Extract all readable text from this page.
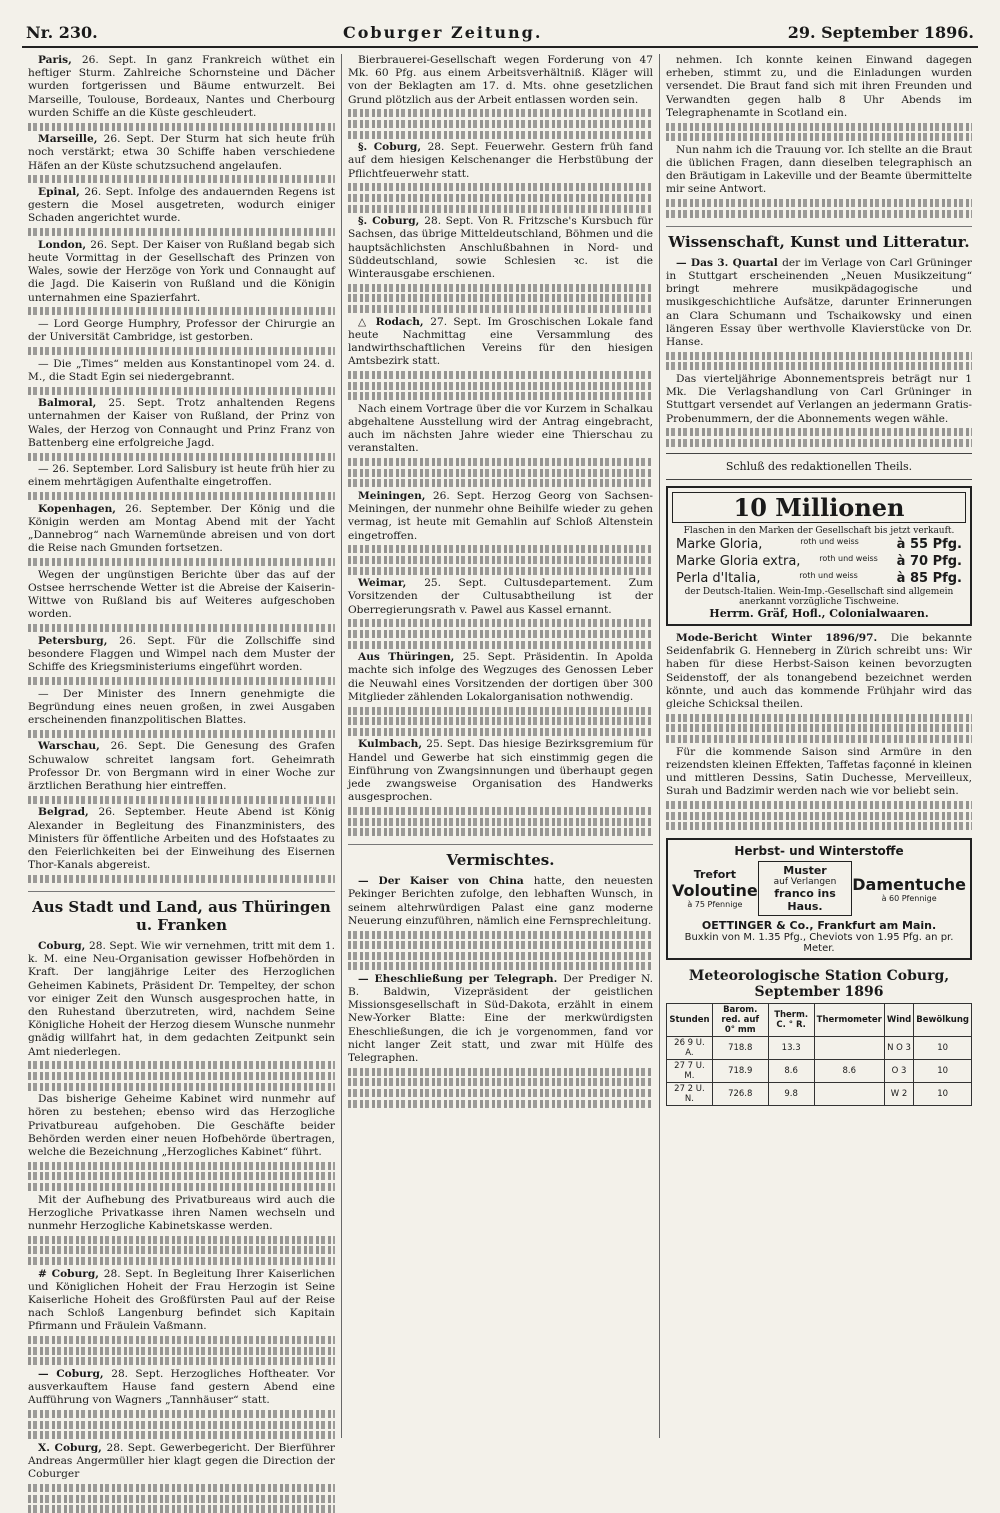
Nr. 230.	Coburger Zeitung.	29. September 1896.
Paris, 26. Sept. In ganz Frankreich wüthet ein heftiger Sturm. Zahlreiche Schornsteine und Dächer wurden fortgerissen und Bäume entwurzelt. Bei Marseille, Toulouse, Bordeaux, Nantes und Cherbourg wurden Schiffe an die Küste geschleudert.
Marseille, 26. Sept. Der Sturm hat sich heute früh noch verstärkt; etwa 30 Schiffe haben verschiedene Häfen an der Küste schutzsuchend angelaufen.
Epinal, 26. Sept. Infolge des andauernden Regens ist gestern die Mosel ausgetreten, wodurch einiger Schaden angerichtet wurde.
London, 26. Sept. Der Kaiser von Rußland begab sich heute Vormittag in der Gesellschaft des Prinzen von Wales, sowie der Herzöge von York und Connaught auf die Jagd. Die Kaiserin von Rußland und die Königin unternahmen eine Spazierfahrt.
— Lord George Humphry, Professor der Chirurgie an der Universität Cambridge, ist gestorben.
— Die „Times“ melden aus Konstantinopel vom 24. d. M., die Stadt Egin sei niedergebrannt.
Balmoral, 25. Sept. Trotz anhaltenden Regens unternahmen der Kaiser von Rußland, der Prinz von Wales, der Herzog von Connaught und Prinz Franz von Battenberg eine erfolgreiche Jagd.
— 26. September. Lord Salisbury ist heute früh hier zu einem mehrtägigen Aufenthalte eingetroffen.
Kopenhagen, 26. September. Der König und die Königin werden am Montag Abend mit der Yacht „Dannebrog“ nach Warnemünde abreisen und von dort die Reise nach Gmunden fortsetzen.
Wegen der ungünstigen Berichte über das auf der Ostsee herrschende Wetter ist die Abreise der Kaiserin-Wittwe von Rußland bis auf Weiteres aufgeschoben worden.
Petersburg, 26. Sept. Für die Zollschiffe sind besondere Flaggen und Wimpel nach dem Muster der Schiffe des Kriegsministeriums eingeführt worden.
— Der Minister des Innern genehmigte die Begründung eines neuen großen, in zwei Ausgaben erscheinenden finanzpolitischen Blattes.
Warschau, 26. Sept. Die Genesung des Grafen Schuwalow schreitet langsam fort. Geheimrath Professor Dr. von Bergmann wird in einer Woche zur ärztlichen Berathung hier eintreffen.
Belgrad, 26. September. Heute Abend ist König Alexander in Begleitung des Finanzministers, des Ministers für öffentliche Arbeiten und des Hofstaates zu den Feierlichkeiten bei der Einweihung des Eisernen Thor-Kanals abgereist.
Aus Stadt und Land, aus Thüringen u. Franken
Coburg, 28. Sept. Wie wir vernehmen, tritt mit dem 1. k. M. eine Neu-Organisation gewisser Hofbehörden in Kraft. Der langjährige Leiter des Herzoglichen Geheimen Kabinets, Präsident Dr. Tempeltey, der schon vor einiger Zeit den Wunsch ausgesprochen hatte, in den Ruhestand überzutreten, wird, nachdem Seine Königliche Hoheit der Herzog diesem Wunsche nunmehr gnädig willfahrt hat, in dem gedachten Zeitpunkt sein Amt niederlegen.
Das bisherige Geheime Kabinet wird nunmehr auf hören zu bestehen; ebenso wird das Herzogliche Privatbureau aufgehoben. Die Geschäfte beider Behörden werden einer neuen Hofbehörde übertragen, welche die Bezeichnung „Herzogliches Kabinet“ führt.
Mit der Aufhebung des Privatbureaus wird auch die Herzogliche Privatkasse ihren Namen wechseln und nunmehr Herzogliche Kabinetskasse werden.
# Coburg, 28. Sept. In Begleitung Ihrer Kaiserlichen und Königlichen Hoheit der Frau Herzogin ist Seine Kaiserliche Hoheit des Großfürsten Paul auf der Reise nach Schloß Langenburg befindet sich Kapitain Pfirmann und Fräulein Vaßmann.
— Coburg, 28. Sept. Herzogliches Hoftheater. Vor ausverkauftem Hause fand gestern Abend eine Aufführung von Wagners „Tannhäuser“ statt.
X. Coburg, 28. Sept. Gewerbegericht. Der Bierführer Andreas Angermüller hier klagt gegen die Direction der Coburger
Bierbrauerei-Gesellschaft wegen Forderung von 47 Mk. 60 Pfg. aus einem Arbeitsverhältniß. Kläger will von der Beklagten am 17. d. Mts. ohne gesetzlichen Grund plötzlich aus der Arbeit entlassen worden sein.
§. Coburg, 28. Sept. Feuerwehr. Gestern früh fand auf dem hiesigen Kelschenanger die Herbstübung der Pflichtfeuerwehr statt.
§. Coburg, 28. Sept. Von R. Fritzsche's Kursbuch für Sachsen, das übrige Mitteldeutschland, Böhmen und die hauptsächlichsten Anschlußbahnen in Nord- und Süddeutschland, sowie Schlesien ꝛc. ist die Winterausgabe erschienen.
△ Rodach, 27. Sept. Im Groschischen Lokale fand heute Nachmittag eine Versammlung des landwirthschaftlichen Vereins für den hiesigen Amtsbezirk statt.
Nach einem Vortrage über die vor Kurzem in Schalkau abgehaltene Ausstellung wird der Antrag eingebracht, auch im nächsten Jahre wieder eine Thierschau zu veranstalten.
Meiningen, 26. Sept. Herzog Georg von Sachsen-Meiningen, der nunmehr ohne Beihilfe wieder zu gehen vermag, ist heute mit Gemahlin auf Schloß Altenstein eingetroffen.
Weimar, 25. Sept. Cultusdepartement. Zum Vorsitzenden der Cultusabtheilung ist der Oberregierungsrath v. Pawel aus Kassel ernannt.
Aus Thüringen, 25. Sept. Präsidentin. In Apolda machte sich infolge des Wegzuges des Genossen Leber die Neuwahl eines Vorsitzenden der dortigen über 300 Mitglieder zählenden Lokalorganisation nothwendig.
Kulmbach, 25. Sept. Das hiesige Bezirksgremium für Handel und Gewerbe hat sich einstimmig gegen die Einführung von Zwangsinnungen und überhaupt gegen jede zwangsweise Organisation des Handwerks ausgesprochen.
Vermischtes.
— Der Kaiser von China hatte, den neuesten Pekinger Berichten zufolge, den lebhaften Wunsch, in seinem altehrwürdigen Palast eine ganz moderne Neuerung einzuführen, nämlich eine Fernsprechleitung.
— Eheschließung per Telegraph. Der Prediger N. B. Baldwin, Vizepräsident der geistlichen Missionsgesellschaft in Süd-Dakota, erzählt in einem New-Yorker Blatte: Eine der merkwürdigsten Eheschließungen, die ich je vorgenommen, fand vor nicht langer Zeit statt, und zwar mit Hülfe des Telegraphen.
nehmen. Ich konnte keinen Einwand dagegen erheben, stimmt zu, und die Einladungen wurden versendet. Die Braut fand sich mit ihren Freunden und Verwandten gegen halb 8 Uhr Abends im Telegraphenamte in Scotland ein.
Nun nahm ich die Trauung vor. Ich stellte an die Braut die üblichen Fragen, dann dieselben telegraphisch an den Bräutigam in Lakeville und der Beamte übermittelte mir seine Antwort.
Wissenschaft, Kunst und Litteratur.
— Das 3. Quartal der im Verlage von Carl Grüninger in Stuttgart erscheinenden „Neuen Musikzeitung“ bringt mehrere musikpädagogische und musikgeschichtliche Aufsätze, darunter Erinnerungen an Clara Schumann und Tschaikowsky und einen längeren Essay über werthvolle Klavierstücke von Dr. Hanse.
Das vierteljährige Abonnementspreis beträgt nur 1 Mk. Die Verlagshandlung von Carl Grüninger in Stuttgart versendet auf Verlangen an jedermann Gratis-Probenummern, der die Abonnements wegen wähle.
Schluß des redaktionellen Theils.
10 Millionen
Flaschen in den Marken der Gesellschaft bis jetzt verkauft.
Marke Gloria,	roth und weiss	à 55 Pfg.
Marke Gloria extra, roth und weiss à 70 Pfg.
Perla d'Italia,	roth und weiss	à 85 Pfg.
der Deutsch-Italien. Wein-Imp.-Gesellschaft sind allgemein anerkannt vorzügliche Tischweine.
Herrm. Gräf, Hofl., Colonialwaaren.
Mode-Bericht Winter 1896/97. Die bekannte Seidenfabrik G. Henneberg in Zürich schreibt uns: Wir haben für diese Herbst-Saison keinen bevorzugten Seidenstoff, der als tonangebend bezeichnet werden könnte, und auch das kommende Frühjahr wird das gleiche Schicksal theilen.
Für die kommende Saison sind Armüre in den reizendsten kleinen Effekten, Taffetas façonné in kleinen und mittleren Dessins, Satin Duchesse, Merveilleux, Surah und Badzimir werden nach wie vor beliebt sein.
Herbst- und Winterstoffe
Trefort
Voloutine
à 75 Pfennige
Muster
auf Verlangen
franco ins Haus.
Damentuche
à 60 Pfennige
OETTINGER & Co., Frankfurt am Main.
Buxkin von M. 1.35 Pfg., Cheviots von 1.95 Pfg. an pr. Meter.
Meteorologische Station Coburg, September 1896
Stunden	Barom. red. auf 0° mm	Therm. C. ° R.	Thermometer	Wind	Bewölkung
26 9 U. A.	718.8	13.3		N O 3	10
27 7 U. M.	718.9	8.6	8.6	O 3	10
27 2 U. N.	726.8	9.8		W 2	10
